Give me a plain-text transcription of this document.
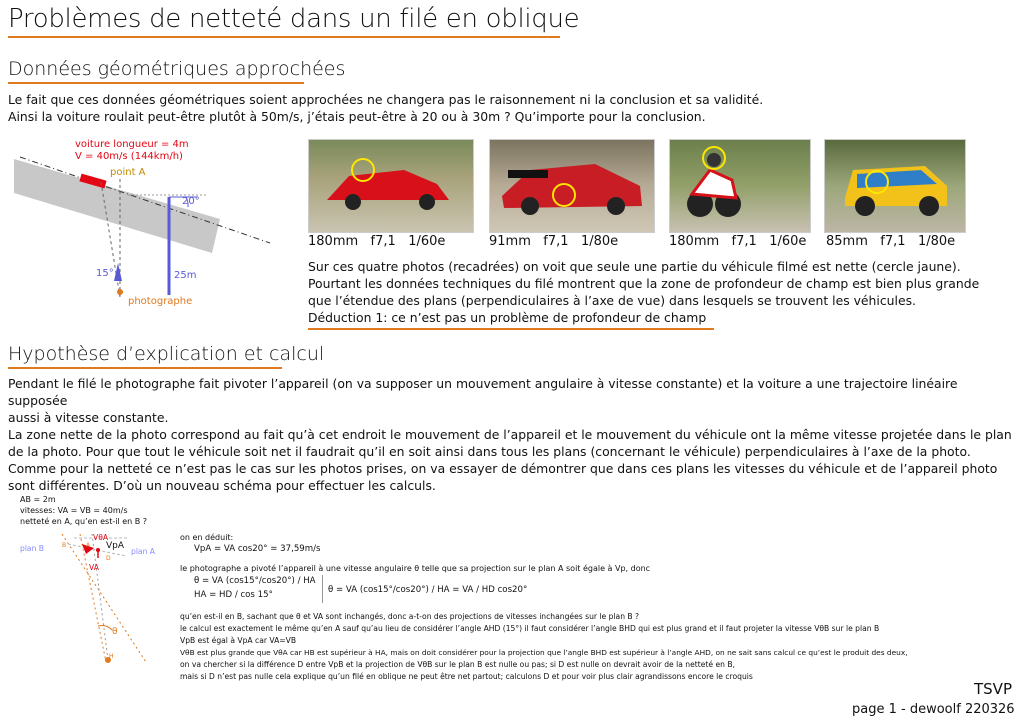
Problèmes de netteté dans un filé en oblique
Données géométriques approchées
Le fait que ces données géométriques soient approchées ne changera pas le raisonnement ni la conclusion et sa validité.
Ainsi la voiture roulait peut-être plutôt à 50m/s, j’étais peut-être à 20 ou à 30m ? Qu’importe pour la conclusion.
voiture longueur = 4m
V = 40m/s (144km/h)
point A
20°
15°	25m
photographe
180mm f7,1 1/60e	91mm f7,1 1/80e	180mm f7,1 1/60e 85mm f7,1 1/80e
Sur ces quatre photos (recadrées) on voit que seule une partie du véhicule filmé est nette (cercle jaune).
Pourtant les données techniques du filé montrent que la zone de profondeur de champ est bien plus grande
que l’étendue des plans (perpendiculaires à l’axe de vue) dans lesquels se trouvent les véhicules.
Déduction 1: ce n’est pas un problème de profondeur de champ
Hypothèse d’explication et calcul
Pendant le filé le photographe fait pivoter l’appareil (on va supposer un mouvement angulaire à vitesse constante) et la voiture a une trajectoire linéaire supposée
aussi à vitesse constante.
La zone nette de la photo correspond au fait qu’à cet endroit le mouvement de l’appareil et le mouvement du véhicule ont la même vitesse projetée dans le plan
de la photo. Pour que tout le véhicule soit net il faudrait qu’il en soit ainsi dans tous les plans (concernant le véhicule) perpendiculaires à l’axe de la photo.
Comme pour la netteté ce n’est pas le cas sur les photos prises, on va essayer de démontrer que dans ces plans les vitesses du véhicule et de l’appareil photo
sont différentes. D’où un nouveau schéma pour effectuer les calculs.
AB = 2m
vitesses: VA = VB = 40m/s
netteté en A, qu’en est-il en B ?
plan B	plan A
VθA
VpA
VA
B	A
D
H
θ
on en déduit:
VpA = VA cos20° = 37,59m/s
le photographe a pivoté l’appareil à une vitesse angulaire θ telle que sa projection sur le plan A soit égale à Vp, donc
θ = VA (cos15°/cos20°) / HA
HA = HD / cos 15°	θ = VA (cos15°/cos20°) / HA = VA / HD cos20°
qu’en est-il en B, sachant que θ et VA sont inchangés, donc a-t-on des projections de vitesses inchangées sur le plan B ?
le calcul est exactement le même qu’en A sauf qu’au lieu de considérer l’angle AHD (15°) il faut considérer l’angle BHD qui est plus grand et il faut projeter la vitesse VθB sur le plan B
VpB est égal à VpA car VA=VB
VθB est plus grande que VθA car HB est supérieur à HA, mais on doit considérer pour la projection que l’angle BHD est supérieur à l’angle AHD, on ne sait sans calcul ce qu’est le produit des deux,
on va chercher si la différence D entre VpB et la projection de VθB sur le plan B est nulle ou pas; si D est nulle on devrait avoir de la netteté en B,
mais si D n’est pas nulle cela explique qu’un filé en oblique ne peut être net partout; calculons D et pour voir plus clair agrandissons encore le croquis
TSVP
page 1 - dewoolf 220326
